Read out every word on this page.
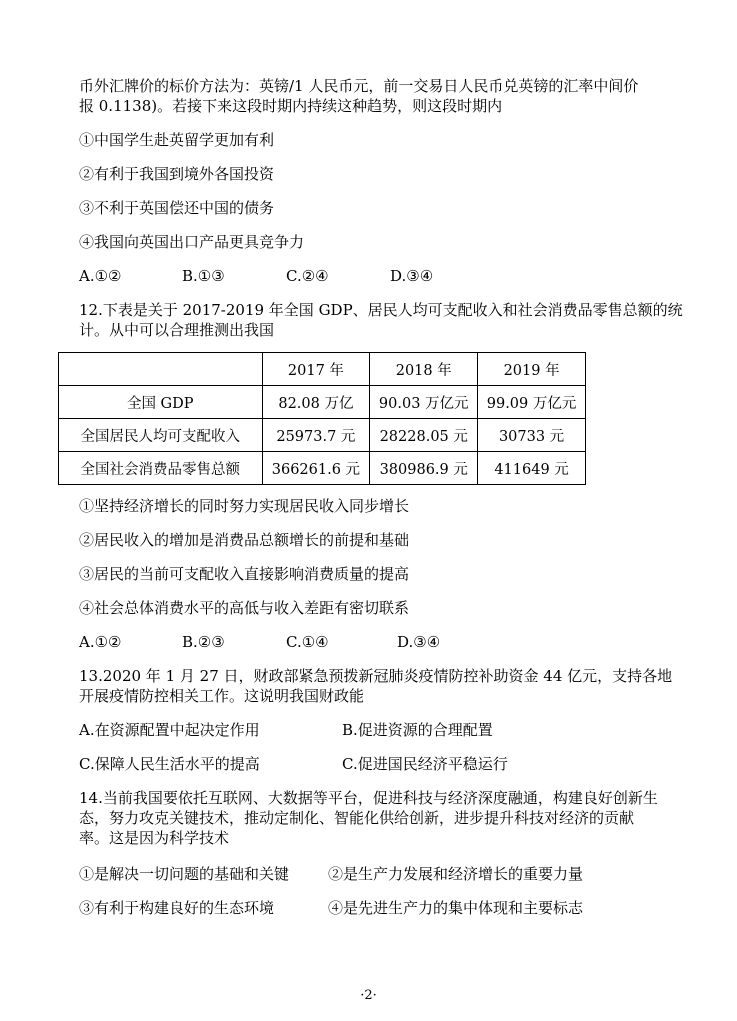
币外汇牌价的标价方法为：英镑/1 人民币元，前一交易日人民币兑英镑的汇率中间价
报 0.1138)。若接下来这段时期内持续这种趋势，则这段时期内
①中国学生赴英留学更加有利
②有利于我国到境外各国投资
③不利于英国偿还中国的债务
④我国向英国出口产品更具竞争力
A.①②	B.①③	C.②④	D.③④
12.下表是关于 2017-2019 年全国 GDP、居民人均可支配收入和社会消费品零售总额的统
计。从中可以合理推测出我国
	2017 年	2018 年	2019 年
全国 GDP	82.08 万亿	90.03 万亿元	99.09 万亿元
全国居民人均可支配收入	25973.7 元	28228.05 元	30733 元
全国社会消费品零售总额	366261.6 元	380986.9 元	411649 元
①坚持经济增长的同时努力实现居民收入同步增长
②居民收入的增加是消费品总额增长的前提和基础
③居民的当前可支配收入直接影响消费质量的提高
④社会总体消费水平的高低与收入差距有密切联系
A.①②	B.②③	C.①④	D.③④
13.2020 年 1 月 27 日，财政部紧急预拨新冠肺炎疫情防控补助资金 44 亿元，支持各地
开展疫情防控相关工作。这说明我国财政能
A.在资源配置中起决定作用	B.促进资源的合理配置
C.保障人民生活水平的提高	C.促进国民经济平稳运行
14.当前我国要依托互联网、大数据等平台，促进科技与经济深度融通，构建良好创新生
态，努力攻克关键技术，推动定制化、智能化供给创新，进步提升科技对经济的贡献
率。这是因为科学技术
①是解决一切问题的基础和关键	②是生产力发展和经济增长的重要力量
③有利于构建良好的生态环境	④是先进生产力的集中体现和主要标志
·2·
